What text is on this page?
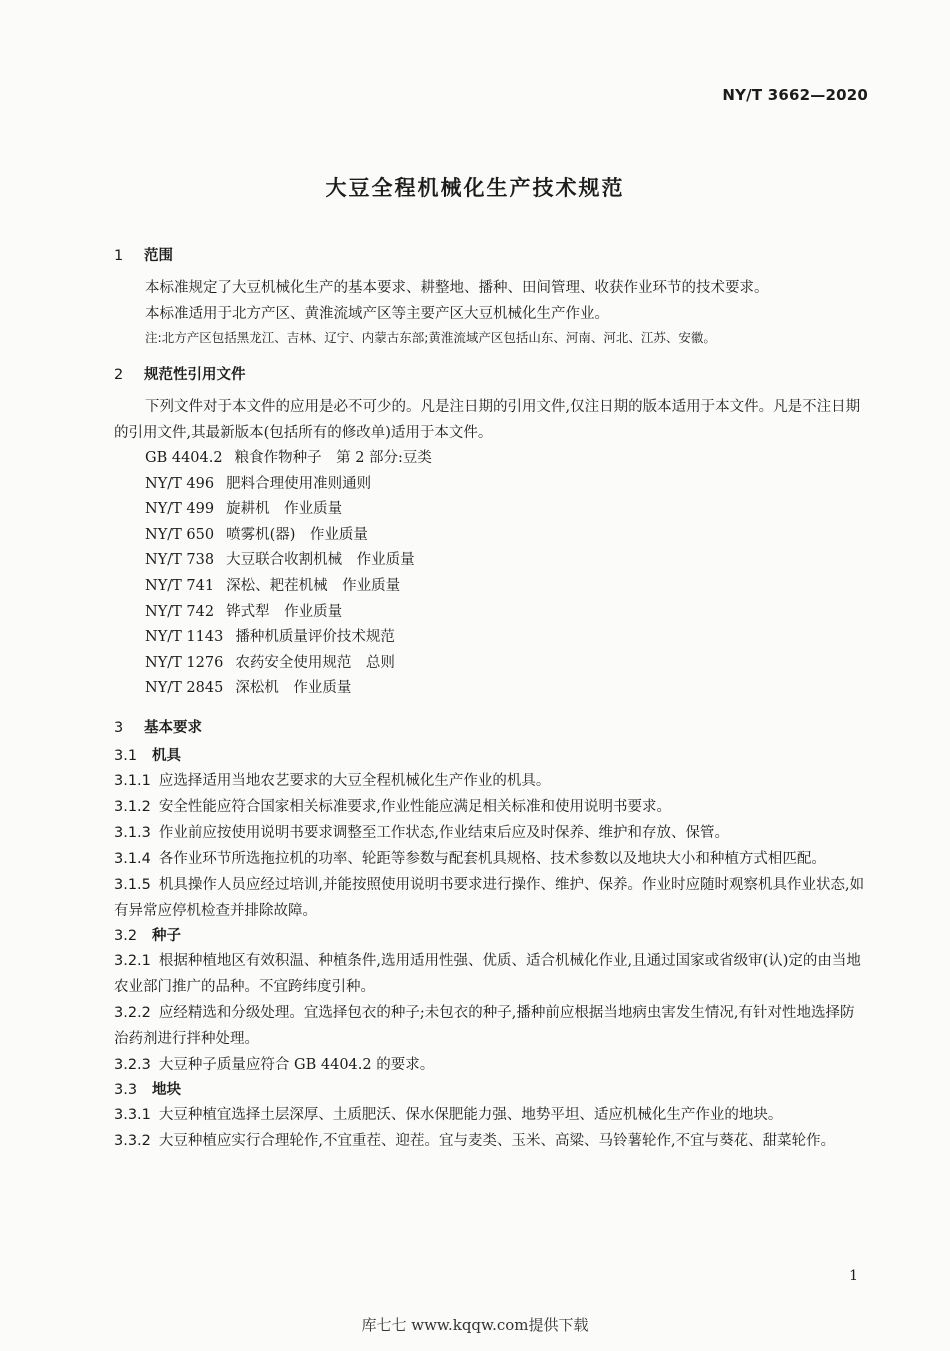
NY/T 3662—2020
大豆全程机械化生产技术规范
1 范围

本标准规定了大豆机械化生产的基本要求、耕整地、播种、田间管理、收获作业环节的技术要求。

本标准适用于北方产区、黄淮流域产区等主要产区大豆机械化生产作业。

注:北方产区包括黑龙江、吉林、辽宁、内蒙古东部;黄淮流域产区包括山东、河南、河北、江苏、安徽。

2 规范性引用文件

下列文件对于本文件的应用是必不可少的。凡是注日期的引用文件,仅注日期的版本适用于本文件。凡是不注日期的引用文件,其最新版本(包括所有的修改单)适用于本文件。

GB 4404.2 粮食作物种子　第 2 部分:豆类
NY/T 496 肥料合理使用准则通则
NY/T 499 旋耕机　作业质量
NY/T 650 喷雾机(器)　作业质量
NY/T 738 大豆联合收割机械　作业质量
NY/T 741 深松、耙茬机械　作业质量
NY/T 742 铧式犁　作业质量
NY/T 1143 播种机质量评价技术规范
NY/T 1276 农药安全使用规范　总则
NY/T 2845 深松机　作业质量
3 基本要求
3.1 机具

3.1.1 应选择适用当地农艺要求的大豆全程机械化生产作业的机具。

3.1.2 安全性能应符合国家相关标准要求,作业性能应满足相关标准和使用说明书要求。

3.1.3 作业前应按使用说明书要求调整至工作状态,作业结束后应及时保养、维护和存放、保管。

3.1.4 各作业环节所选拖拉机的功率、轮距等参数与配套机具规格、技术参数以及地块大小和种植方式相匹配。

3.1.5 机具操作人员应经过培训,并能按照使用说明书要求进行操作、维护、保养。作业时应随时观察机具作业状态,如有异常应停机检查并排除故障。

3.2 种子

3.2.1 根据种植地区有效积温、种植条件,选用适用性强、优质、适合机械化作业,且通过国家或省级审(认)定的由当地农业部门推广的品种。不宜跨纬度引种。

3.2.2 应经精选和分级处理。宜选择包衣的种子;未包衣的种子,播种前应根据当地病虫害发生情况,有针对性地选择防治药剂进行拌种处理。

3.2.3 大豆种子质量应符合 GB 4404.2 的要求。

3.3 地块

3.3.1 大豆种植宜选择土层深厚、土质肥沃、保水保肥能力强、地势平坦、适应机械化生产作业的地块。

3.3.2 大豆种植应实行合理轮作,不宜重茬、迎茬。宜与麦类、玉米、高粱、马铃薯轮作,不宜与葵花、甜菜轮作。

1
库七七 www.kqqw.com提供下载
